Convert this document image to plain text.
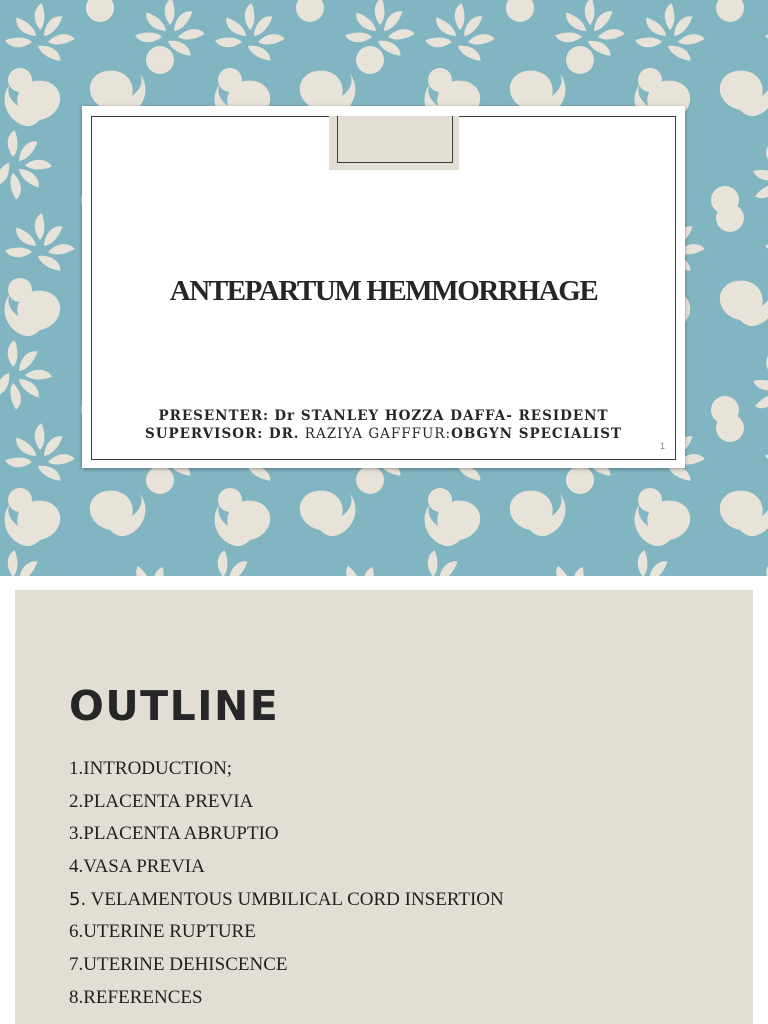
ANTEPARTUM HEMMORRHAGE
PRESENTER: Dr STANLEY HOZZA DAFFA- RESIDENT
SUPERVISOR: DR. RAZIYA GAFFFUR:OBGYN SPECIALIST
1
OUTLINE
1.INTRODUCTION;
2.PLACENTA PREVIA
3.PLACENTA ABRUPTIO
4.VASA PREVIA
5. VELAMENTOUS UMBILICAL CORD INSERTION
6.UTERINE RUPTURE
7.UTERINE DEHISCENCE
8.REFERENCES
